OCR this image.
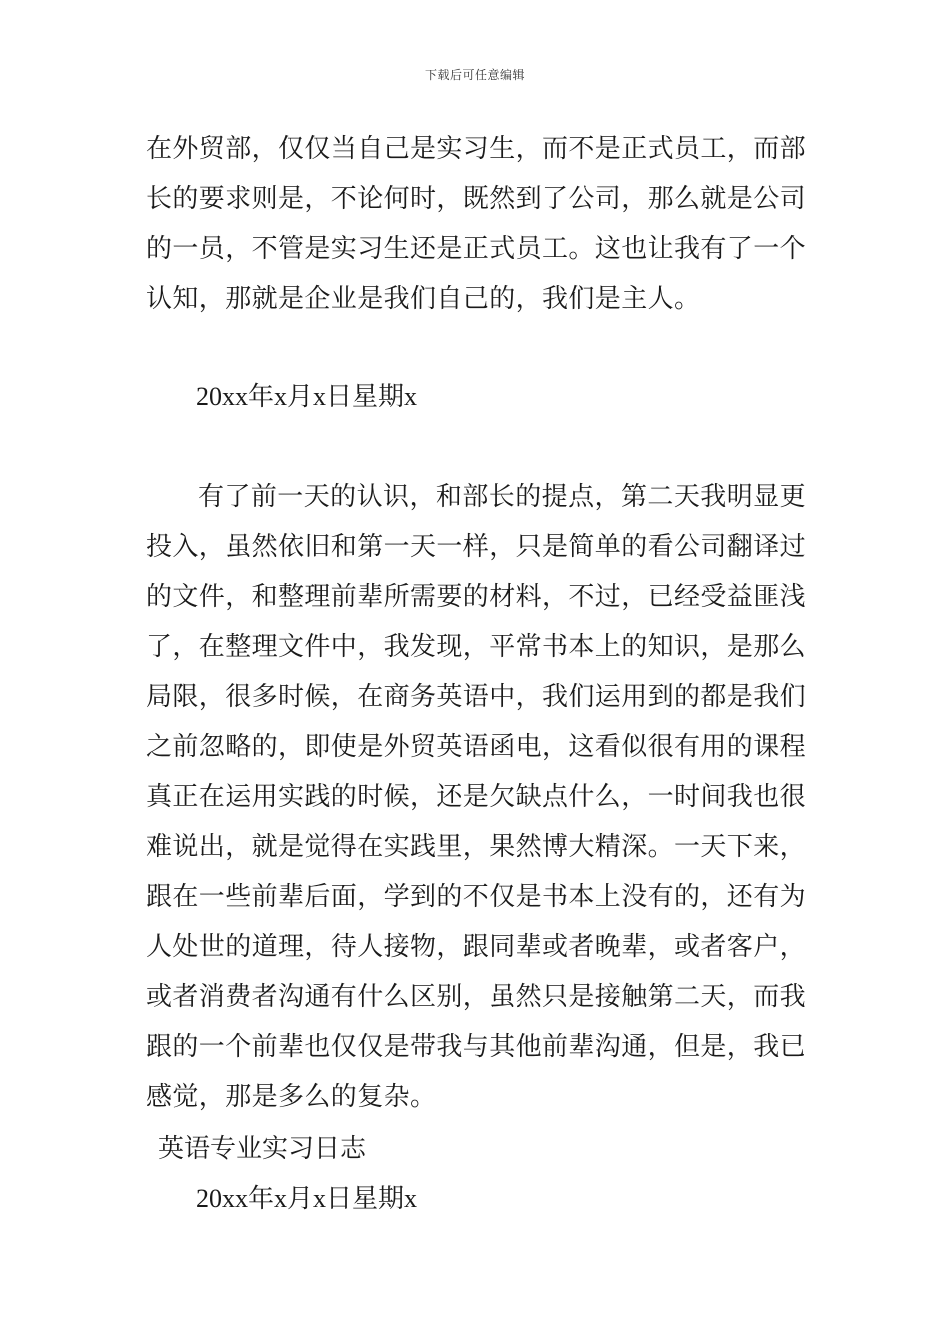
下载后可任意编辑

在外贸部，仅仅当自己是实习生，而不是正式员工，而部长的要求则是，不论何时，既然到了公司，那么就是公司的一员，不管是实习生还是正式员工。这也让我有了一个认知，那就是企业是我们自己的，我们是主人。

20xx年x月x日星期x

有了前一天的认识，和部长的提点，第二天我明显更投入，虽然依旧和第一天一样，只是简单的看公司翻译过的文件，和整理前辈所需要的材料，不过，已经受益匪浅了，在整理文件中，我发现，平常书本上的知识，是那么局限，很多时候，在商务英语中，我们运用到的都是我们之前忽略的，即使是外贸英语函电，这看似很有用的课程真正在运用实践的时候，还是欠缺点什么，一时间我也很难说出，就是觉得在实践里，果然博大精深。一天下来，跟在一些前辈后面，学到的不仅是书本上没有的，还有为人处世的道理，待人接物，跟同辈或者晚辈，或者客户，或者消费者沟通有什么区别，虽然只是接触第二天，而我跟的一个前辈也仅仅是带我与其他前辈沟通，但是，我已感觉，那是多么的复杂。

英语专业实习日志

20xx年x月x日星期x
